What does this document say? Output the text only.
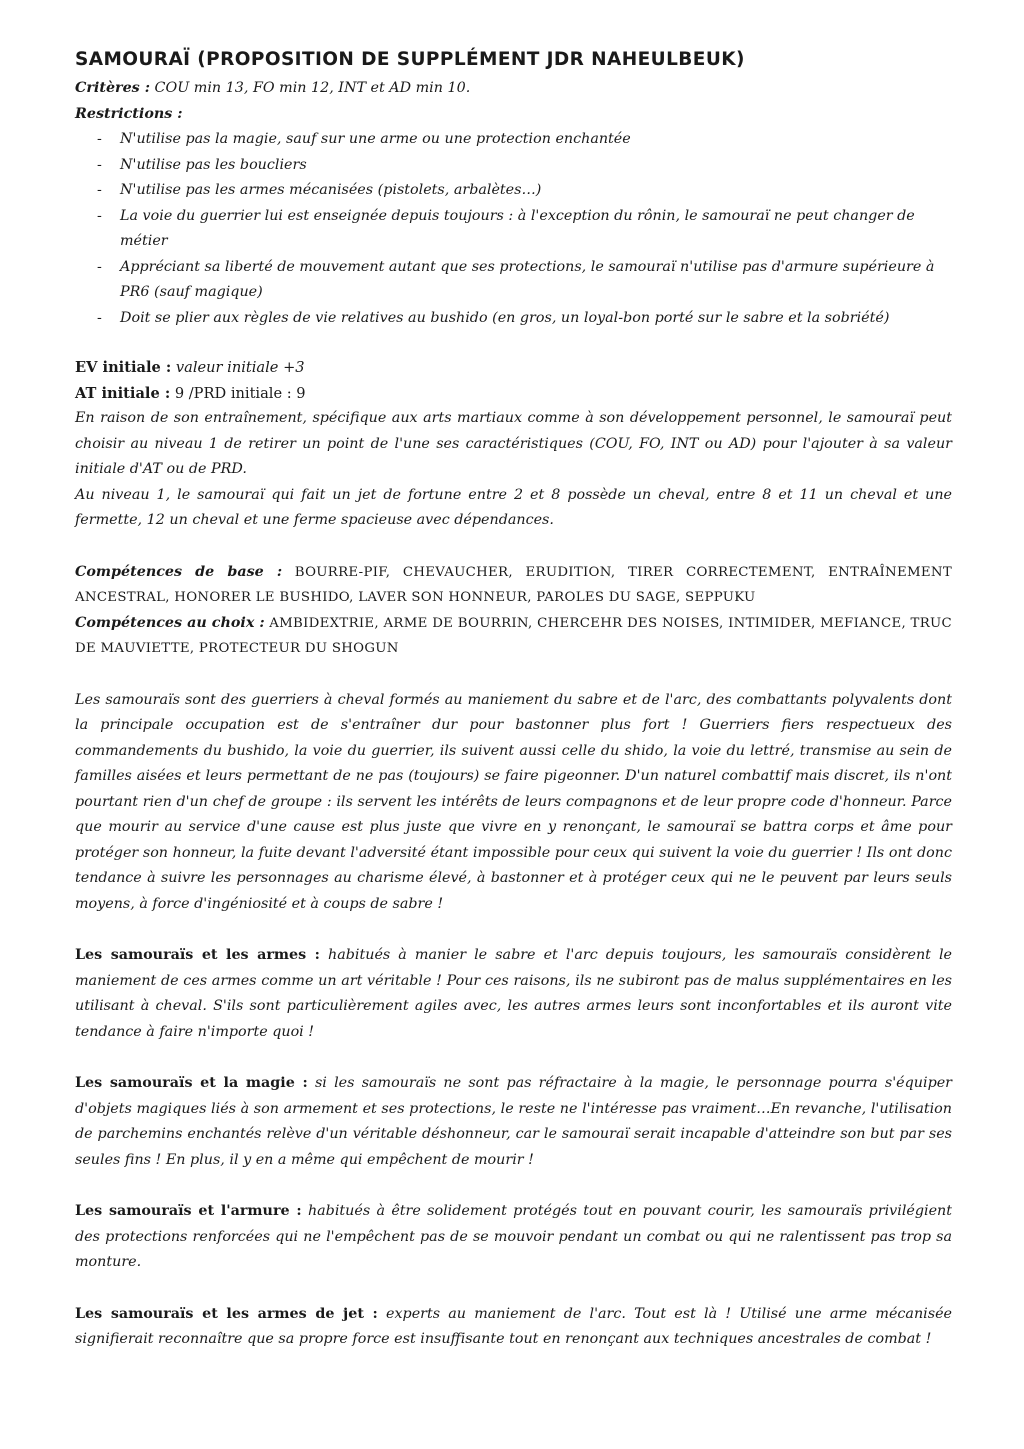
SAMOURAÏ (PROPOSITION DE SUPPLÉMENT JDR NAHEULBEUK)

Critères : COU min 13, FO min 12, INT et AD min 10.

Restrictions :

- N'utilise pas la magie, sauf sur une arme ou une protection enchantée
- N'utilise pas les boucliers
- N'utilise pas les armes mécanisées (pistolets, arbalètes…)
- La voie du guerrier lui est enseignée depuis toujours : à l'exception du rônin, le samouraï ne peut changer de métier
- Appréciant sa liberté de mouvement autant que ses protections, le samouraï n'utilise pas d'armure supérieure à PR6 (sauf magique)
- Doit se plier aux règles de vie relatives au bushido (en gros, un loyal-bon porté sur le sabre et la sobriété)

EV initiale : valeur initiale +3

AT initiale : 9 /PRD initiale : 9

En raison de son entraînement, spécifique aux arts martiaux comme à son développement personnel, le samouraï peut choisir au niveau 1 de retirer un point de l'une ses caractéristiques (COU, FO, INT ou AD) pour l'ajouter à sa valeur initiale d'AT ou de PRD.

Au niveau 1, le samouraï qui fait un jet de fortune entre 2 et 8 possède un cheval, entre 8 et 11 un cheval et une fermette, 12 un cheval et une ferme spacieuse avec dépendances.

Compétences de base : BOURRE-PIF, CHEVAUCHER, ERUDITION, TIRER CORRECTEMENT, ENTRAÎNEMENT ANCESTRAL, HONORER LE BUSHIDO, LAVER SON HONNEUR, PAROLES DU SAGE, SEPPUKU

Compétences au choix : AMBIDEXTRIE, ARME DE BOURRIN, CHERCEHR DES NOISES, INTIMIDER, MEFIANCE, TRUC DE MAUVIETTE, PROTECTEUR DU SHOGUN

Les samouraïs sont des guerriers à cheval formés au maniement du sabre et de l'arc, des combattants polyvalents dont la principale occupation est de s'entraîner dur pour bastonner plus fort ! Guerriers fiers respectueux des commandements du bushido, la voie du guerrier, ils suivent aussi celle du shido, la voie du lettré, transmise au sein de familles aisées et leurs permettant de ne pas (toujours) se faire pigeonner. D'un naturel combattif mais discret, ils n'ont pourtant rien d'un chef de groupe : ils servent les intérêts de leurs compagnons et de leur propre code d'honneur. Parce que mourir au service d'une cause est plus juste que vivre en y renonçant, le samouraï se battra corps et âme pour protéger son honneur, la fuite devant l'adversité étant impossible pour ceux qui suivent la voie du guerrier ! Ils ont donc tendance à suivre les personnages au charisme élevé, à bastonner et à protéger ceux qui ne le peuvent par leurs seuls moyens, à force d'ingéniosité et à coups de sabre !

Les samouraïs et les armes : habitués à manier le sabre et l'arc depuis toujours, les samouraïs considèrent le maniement de ces armes comme un art véritable ! Pour ces raisons, ils ne subiront pas de malus supplémentaires en les utilisant à cheval. S'ils sont particulièrement agiles avec, les autres armes leurs sont inconfortables et ils auront vite tendance à faire n'importe quoi !

Les samouraïs et la magie : si les samouraïs ne sont pas réfractaire à la magie, le personnage pourra s'équiper d'objets magiques liés à son armement et ses protections, le reste ne l'intéresse pas vraiment…En revanche, l'utilisation de parchemins enchantés relève d'un véritable déshonneur, car le samouraï serait incapable d'atteindre son but par ses seules fins ! En plus, il y en a même qui empêchent de mourir !

Les samouraïs et l'armure : habitués à être solidement protégés tout en pouvant courir, les samouraïs privilégient des protections renforcées qui ne l'empêchent pas de se mouvoir pendant un combat ou qui ne ralentissent pas trop sa monture.

Les samouraïs et les armes de jet : experts au maniement de l'arc. Tout est là ! Utilisé une arme mécanisée signifierait reconnaître que sa propre force est insuffisante tout en renonçant aux techniques ancestrales de combat !
